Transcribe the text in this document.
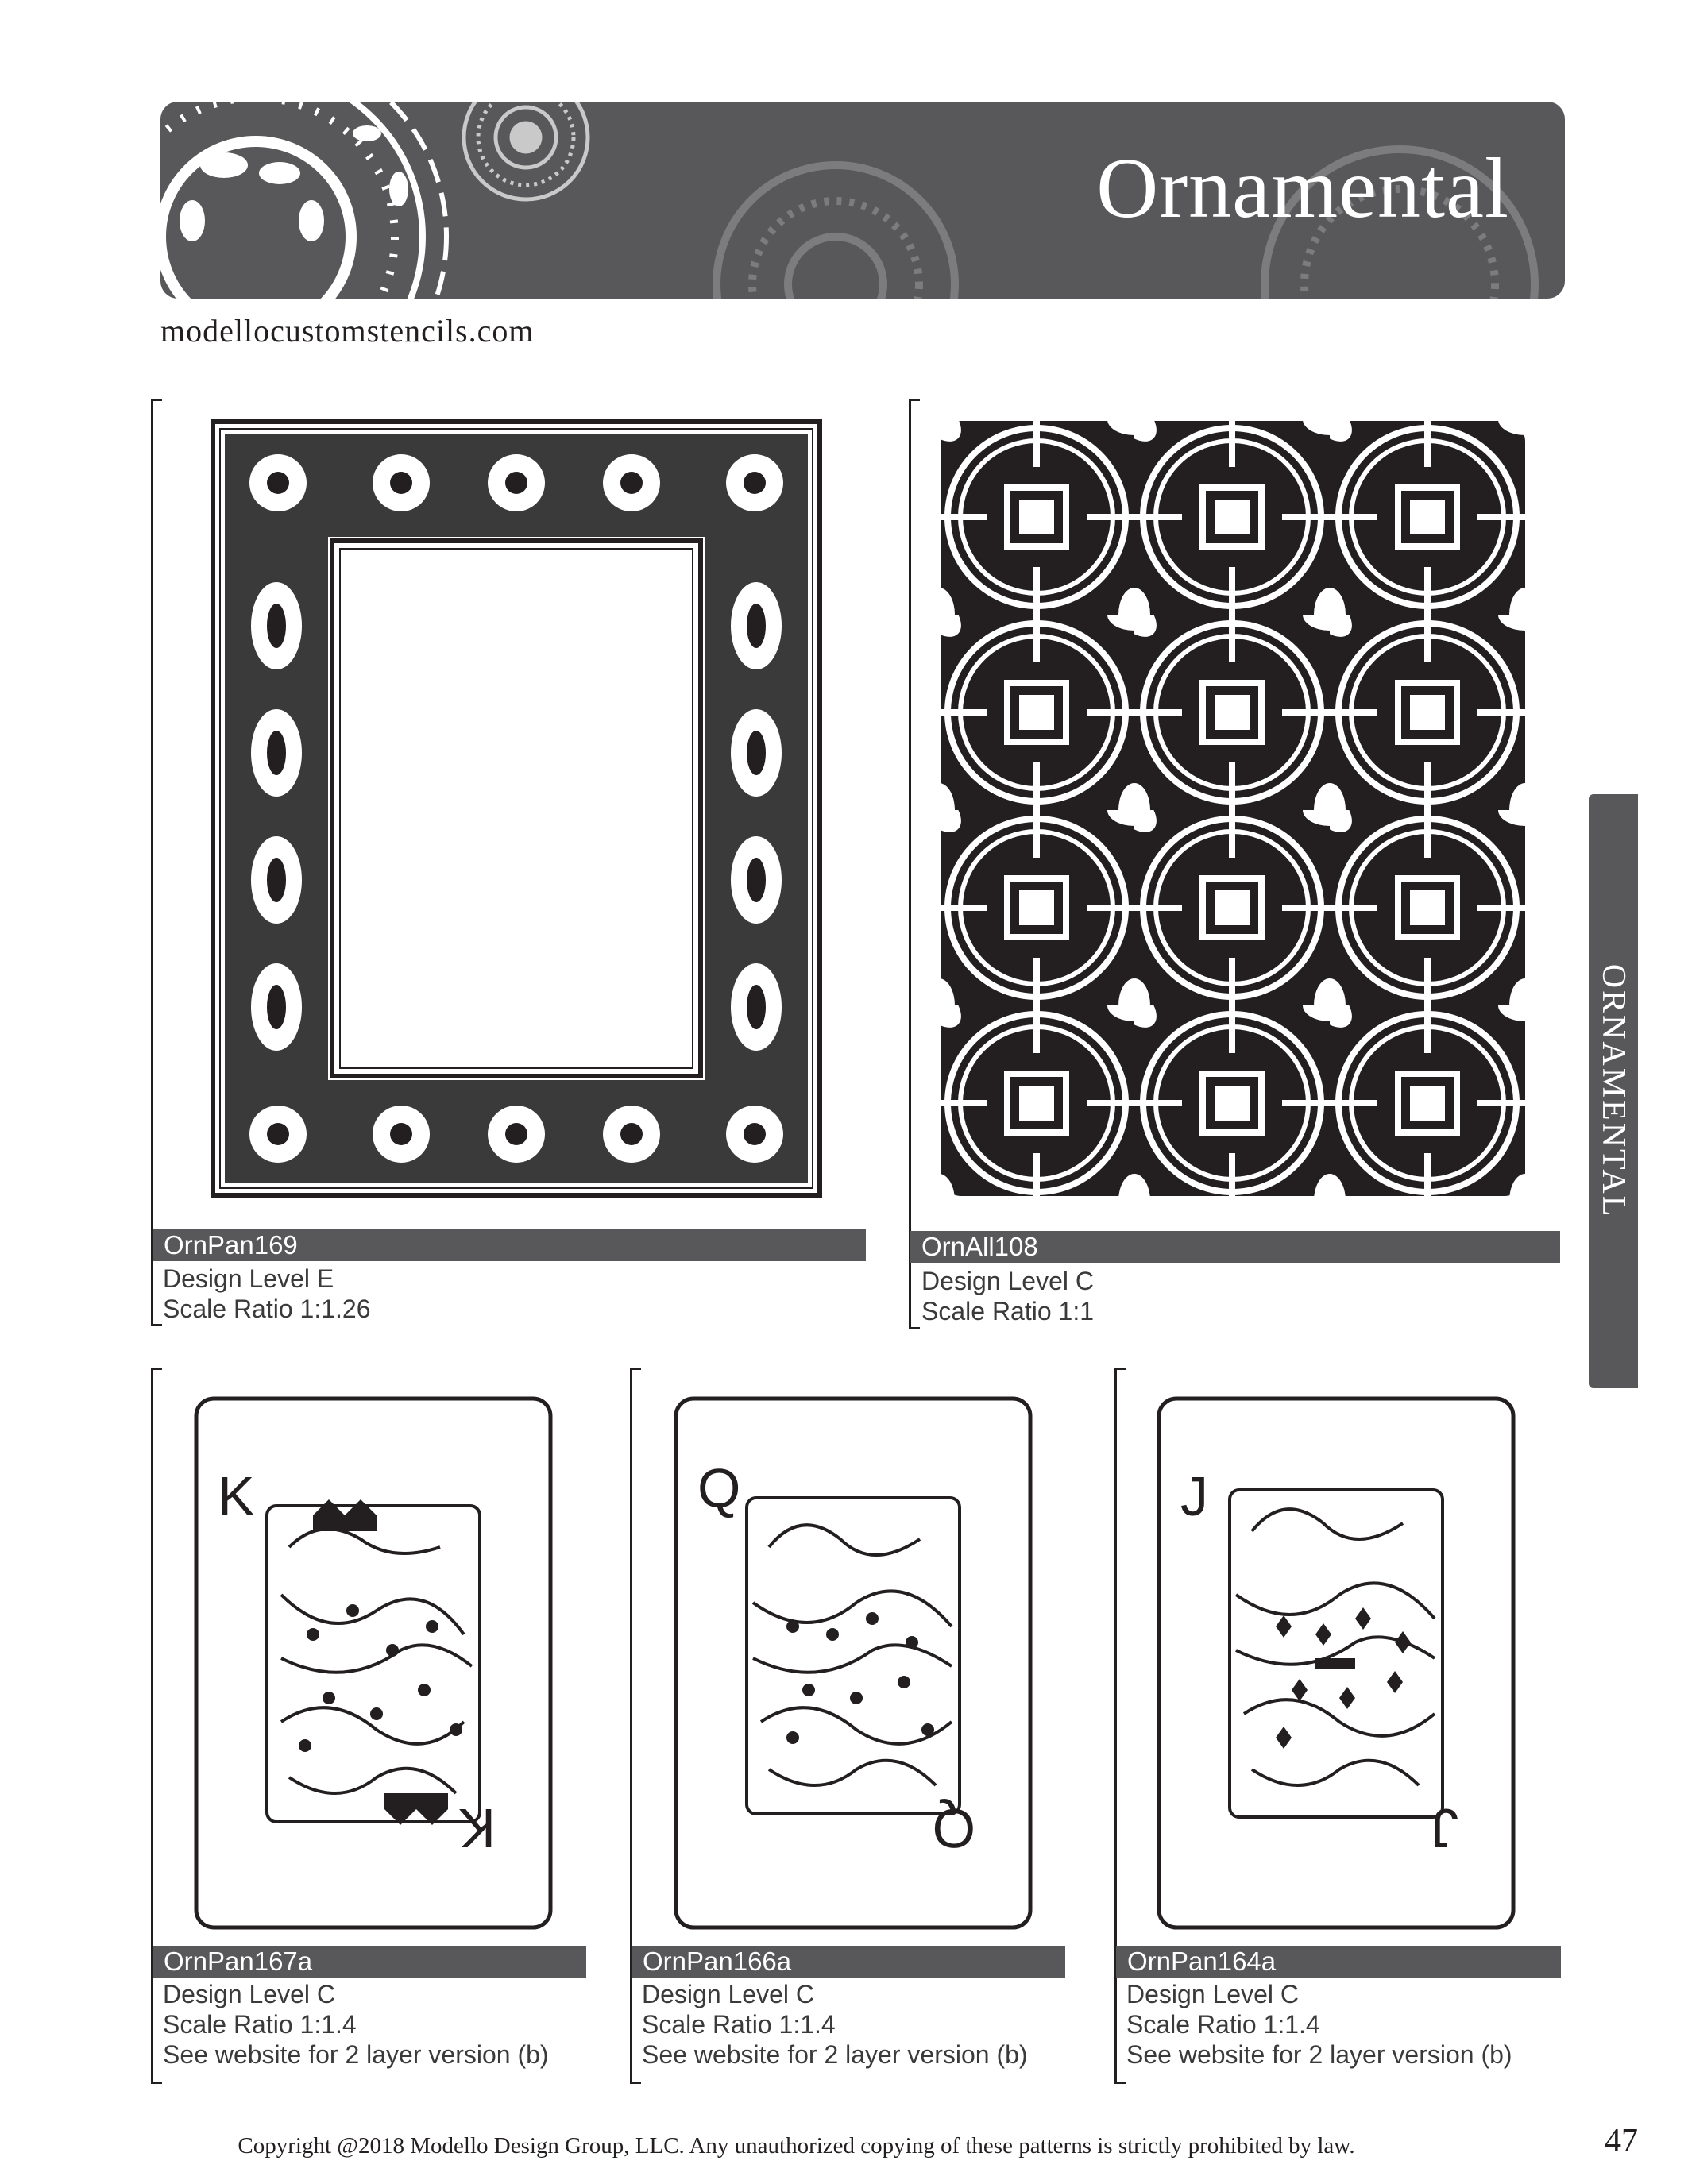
Ornamental
modellocustomstencils.com
ORNAMENTAL
OrnPan169
Design Level E
Scale Ratio 1:1.26
OrnAll108
Design Level C
Scale Ratio 1:1
K
K
OrnPan167a
Design Level C
Scale Ratio 1:1.4
See website for 2 layer version (b)
Q
Q
OrnPan166a
Design Level C
Scale Ratio 1:1.4
See website for 2 layer version (b)
J
J
OrnPan164a
Design Level C
Scale Ratio 1:1.4
See website for 2 layer version (b)
Copyright @2018 Modello Design Group, LLC. Any unauthorized copying of these patterns is strictly prohibited by law.	47
